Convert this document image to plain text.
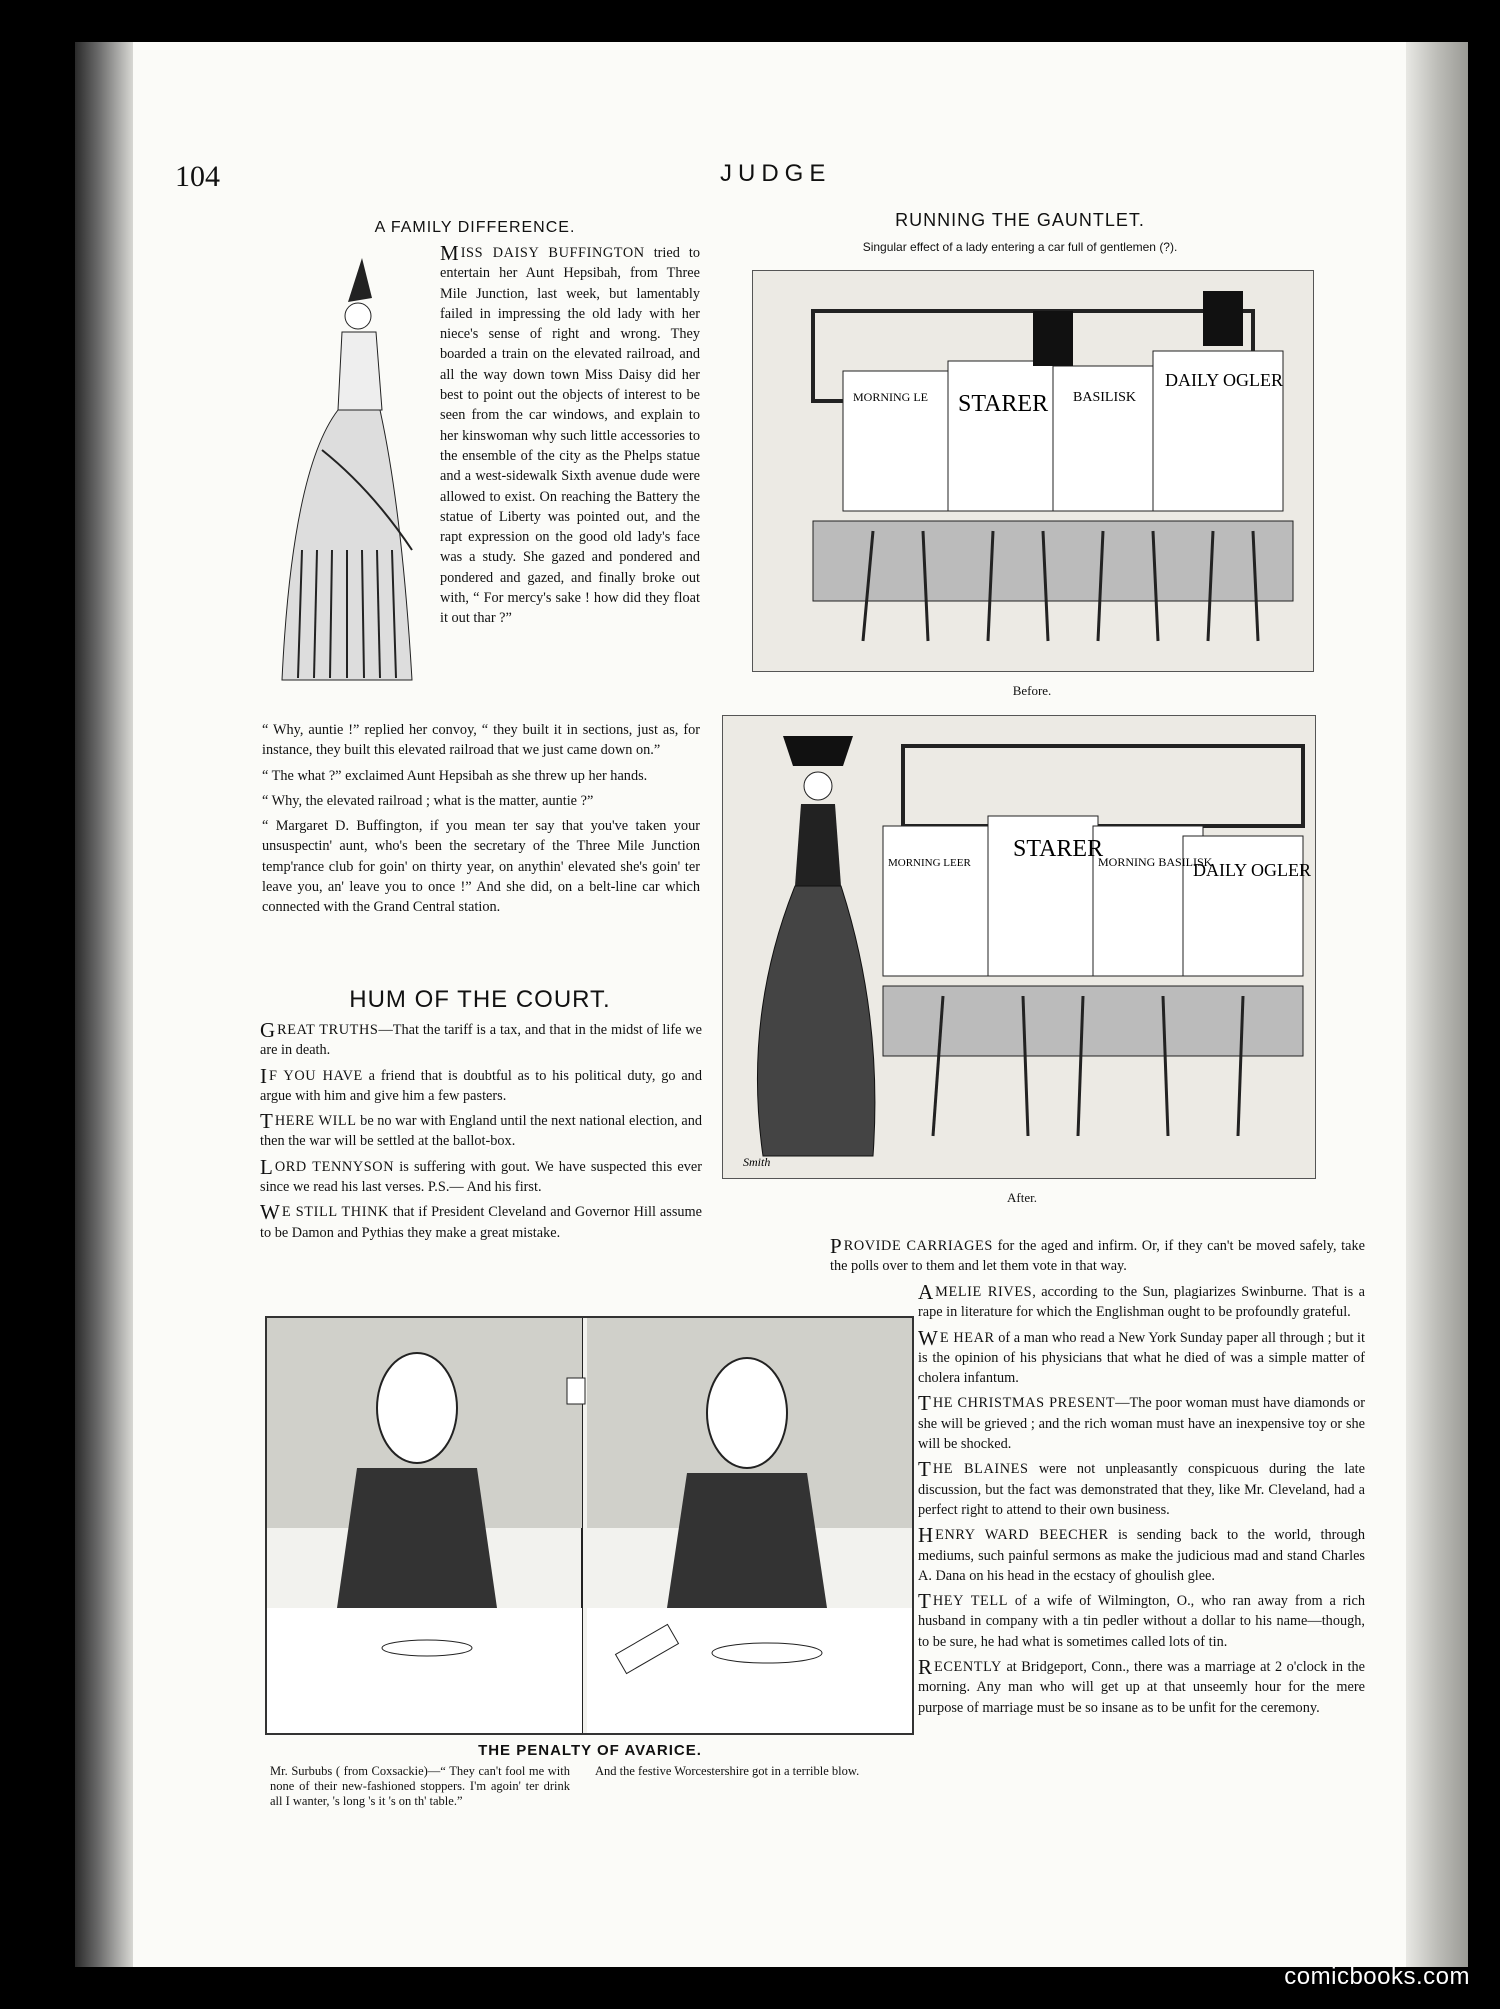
104	JUDGE
A FAMILY DIFFERENCE.

M ISS DAISY BUFFINGTON tried to entertain her Aunt Hepsibah, from Three Mile Junction, last week, but lamentably failed in impressing the old lady with her niece's sense of right and wrong. They boarded a train on the elevated railroad, and all the way down town Miss Daisy did her best to point out the objects of interest to be seen from the car windows, and explain to her kinswoman why such little accessories to the ensemble of the city as the Phelps statue and a west-sidewalk Sixth avenue dude were allowed to exist. On reaching the Battery the statue of Liberty was pointed out, and the rapt expression on the good old lady's face was a study. She gazed and pondered and pondered and gazed, and finally broke out with, “ For mercy's sake ! how did they float it out thar ?”

“ Why, auntie !” replied her convoy, “ they built it in sections, just as, for instance, they built this elevated railroad that we just came down on.”

“ The what ?” exclaimed Aunt Hepsibah as she threw up her hands.

“ Why, the elevated railroad ; what is the matter, auntie ?”

“ Margaret D. Buffington, if you mean ter say that you've taken your unsuspectin' aunt, who's been the secretary of the Three Mile Junction temp'rance club for goin' on thirty year, on anythin' elevated she's goin' ter leave you, an' leave you to once !” And she did, on a belt-line car which connected with the Grand Central station.

HUM OF THE COURT.

G REAT TRUTHS—That the tariff is a tax, and that in the midst of life we are in death.

I F YOU HAVE a friend that is doubtful as to his political duty, go and argue with him and give him a few pasters.

T HERE WILL be no war with England until the next national election, and then the war will be settled at the ballot-box.

L ORD TENNYSON is suffering with gout. We have suspected this ever since we read his last verses. P.S.— And his first.

W E STILL THINK that if President Cleveland and Governor Hill assume to be Damon and Pythias they make a great mistake.

RUNNING THE GAUNTLET.
Singular effect of a lady entering a car full of gentlemen (?).
MORNING LE STARER BASILISK
DAILY OGLER
Before.
MORNING LEER
STARER
MORNING BASILISK
DAILY OGLER
Smith
After.

P ROVIDE CARRIAGES for the aged and infirm. Or, if they can't be moved safely, take the polls over to them and let them vote in that way.

A MELIE RIVES, according to the Sun, plagiarizes Swinburne. That is a rape in literature for which the Englishman ought to be profoundly grateful.

W E HEAR of a man who read a New York Sunday paper all through ; but it is the opinion of his physicians that what he died of was a simple matter of cholera infantum.

T HE CHRISTMAS PRESENT—The poor woman must have diamonds or she will be grieved ; and the rich woman must have an inexpensive toy or she will be shocked.

T HE BLAINES were not unpleasantly conspicuous during the late discussion, but the fact was demonstrated that they, like Mr. Cleveland, had a perfect right to attend to their own business.

H ENRY WARD BEECHER is sending back to the world, through mediums, such painful sermons as make the judicious mad and stand Charles A. Dana on his head in the ecstacy of ghoulish glee.

T HEY TELL of a wife of Wilmington, O., who ran away from a rich husband in company with a tin pedler without a dollar to his name—though, to be sure, he had what is sometimes called lots of tin.

R ECENTLY at Bridgeport, Conn., there was a marriage at 2 o'clock in the morning. Any man who will get up at that unseemly hour for the mere purpose of marriage must be so insane as to be unfit for the ceremony.

THE PENALTY OF AVARICE.
Mr. Surbubs ( from Coxsackie)—“ They can't fool me with none of their new-fashioned stoppers. I'm agoin' ter drink all I wanter, 's long 's it 's on th' table.”
And the festive Worcestershire got in a terrible blow.
comicbooks.com
